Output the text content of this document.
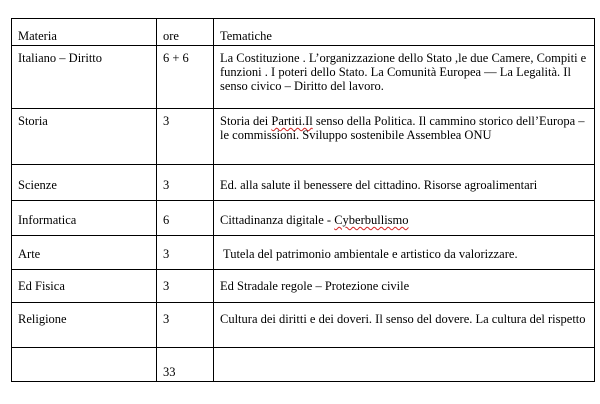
Materia	ore	Tematiche

Italiano – Diritto	6 + 6	La Costituzione . L’organizzazione dello Stato ,le due Camere, Compiti e funzioni . I poteri dello Stato. La Comunità Europea — La Legalità. Il senso civico – Diritto del lavoro.

Storia	3	Storia dei Partiti.Il senso della Politica. Il cammino storico dell’Europa – le commissioni. Sviluppo sostenibile Assemblea ONU

Scienze	3	Ed. alla salute il benessere del cittadino. Risorse agroalimentari

Informatica	6	Cittadinanza digitale - Cyberbullismo

Arte	3	Tutela del patrimonio ambientale e artistico da valorizzare.

Ed Fisica	3	Ed Stradale regole – Protezione civile

Religione	3	Cultura dei diritti e dei doveri. Il senso del dovere. La cultura del rispetto

	33	
